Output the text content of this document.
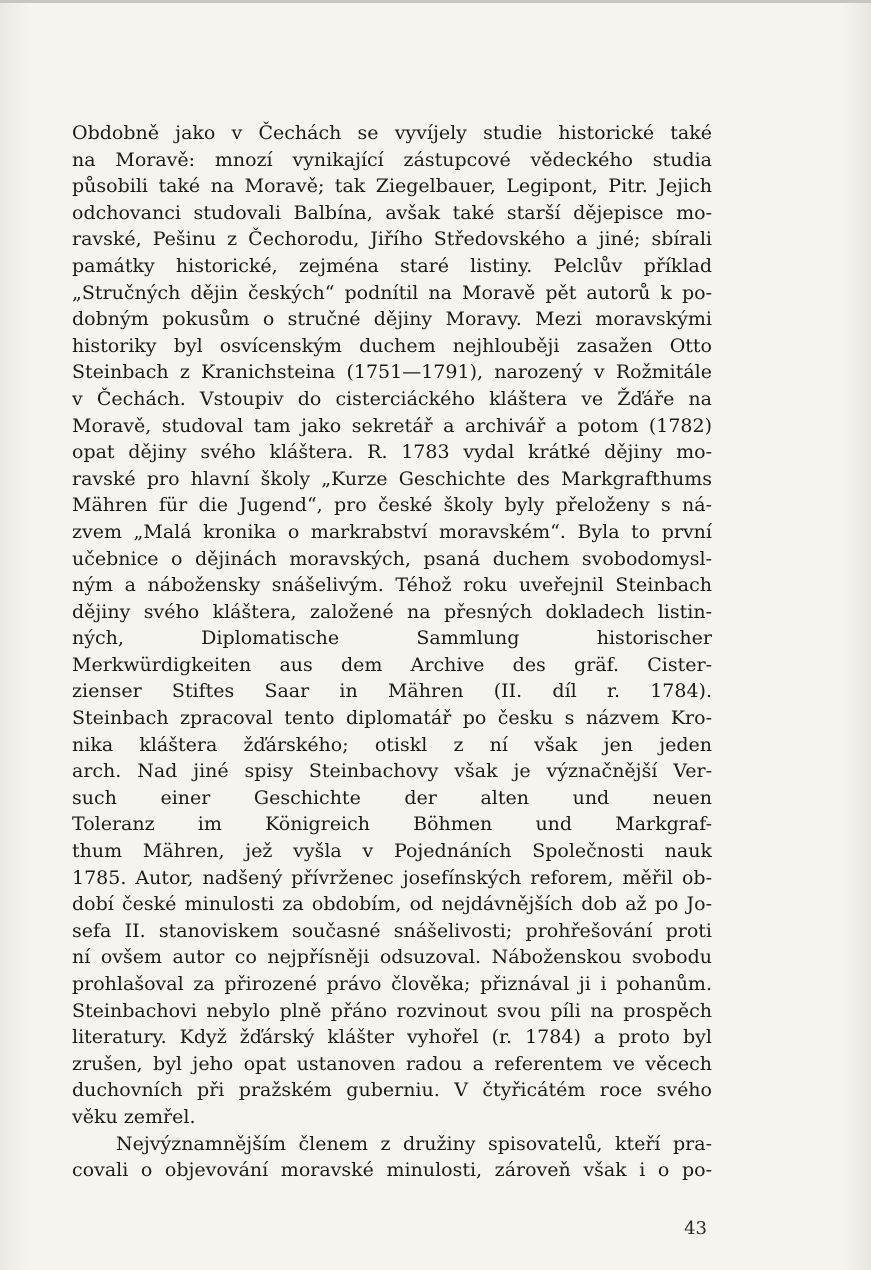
Obdobně jako v Čechách se vyvíjely studie historické také
na Moravě: mnozí vynikající zástupcové vědeckého studia
působili také na Moravě; tak Ziegelbauer, Legipont, Pitr. Jejich
odchovanci studovali Balbína, avšak také starší dějepisce mo-
ravské, Pešinu z Čechorodu, Jiřího Středovského a jiné; sbírali
památky historické, zejména staré listiny. Pelclův příklad
„Stručných dějin českých“ podnítil na Moravě pět autorů k po-
dobným pokusům o stručné dějiny Moravy. Mezi moravskými
historiky byl osvícenským duchem nejhlouběji zasažen Otto
Steinbach z Kranichsteina (1751—1791), narozený v Rožmitále
v Čechách. Vstoupiv do cisterciáckého kláštera ve Žďáře na
Moravě, studoval tam jako sekretář a archivář a potom (1782)
opat dějiny svého kláštera. R. 1783 vydal krátké dějiny mo-
ravské pro hlavní školy „Kurze Geschichte des Markgrafthums
Mähren für die Jugend“, pro české školy byly přeloženy s ná-
zvem „Malá kronika o markrabství moravském“. Byla to první
učebnice o dějinách moravských, psaná duchem svobodomysl-
ným a nábožensky snášelivým. Téhož roku uveřejnil Steinbach
dějiny svého kláštera, založené na přesných dokladech listin-
ných, Diplomatische Sammlung historischer
Merkwürdigkeiten aus dem Archive des gräf. Cister-
zienser Stiftes Saar in Mähren (II. díl r. 1784).
Steinbach zpracoval tento diplomatář po česku s názvem Kro-
nika kláštera žďárského; otiskl z ní však jen jeden
arch. Nad jiné spisy Steinbachovy však je význačnější Ver-
such einer Geschichte der alten und neuen
Toleranz im Königreich Böhmen und Markgraf-
thum Mähren, jež vyšla v Pojednáních Společnosti nauk
1785. Autor, nadšený přívrženec josefínských reforem, měřil ob-
dobí české minulosti za obdobím, od nejdávnějších dob až po Jo-
sefa II. stanoviskem současné snášelivosti; prohřešování proti
ní ovšem autor co nejpřísněji odsuzoval. Náboženskou svobodu
prohlašoval za přirozené právo člověka; přiznával ji i pohanům.
Steinbachovi nebylo plně přáno rozvinout svou píli na prospěch
literatury. Když žďárský klášter vyhořel (r. 1784) a proto byl
zrušen, byl jeho opat ustanoven radou a referentem ve věcech
duchovních při pražském guberniu. V čtyřicátém roce svého
věku zemřel.
Nejvýznamnějším členem z družiny spisovatelů, kteří pra-
covali o objevování moravské minulosti, zároveň však i o po-
43
